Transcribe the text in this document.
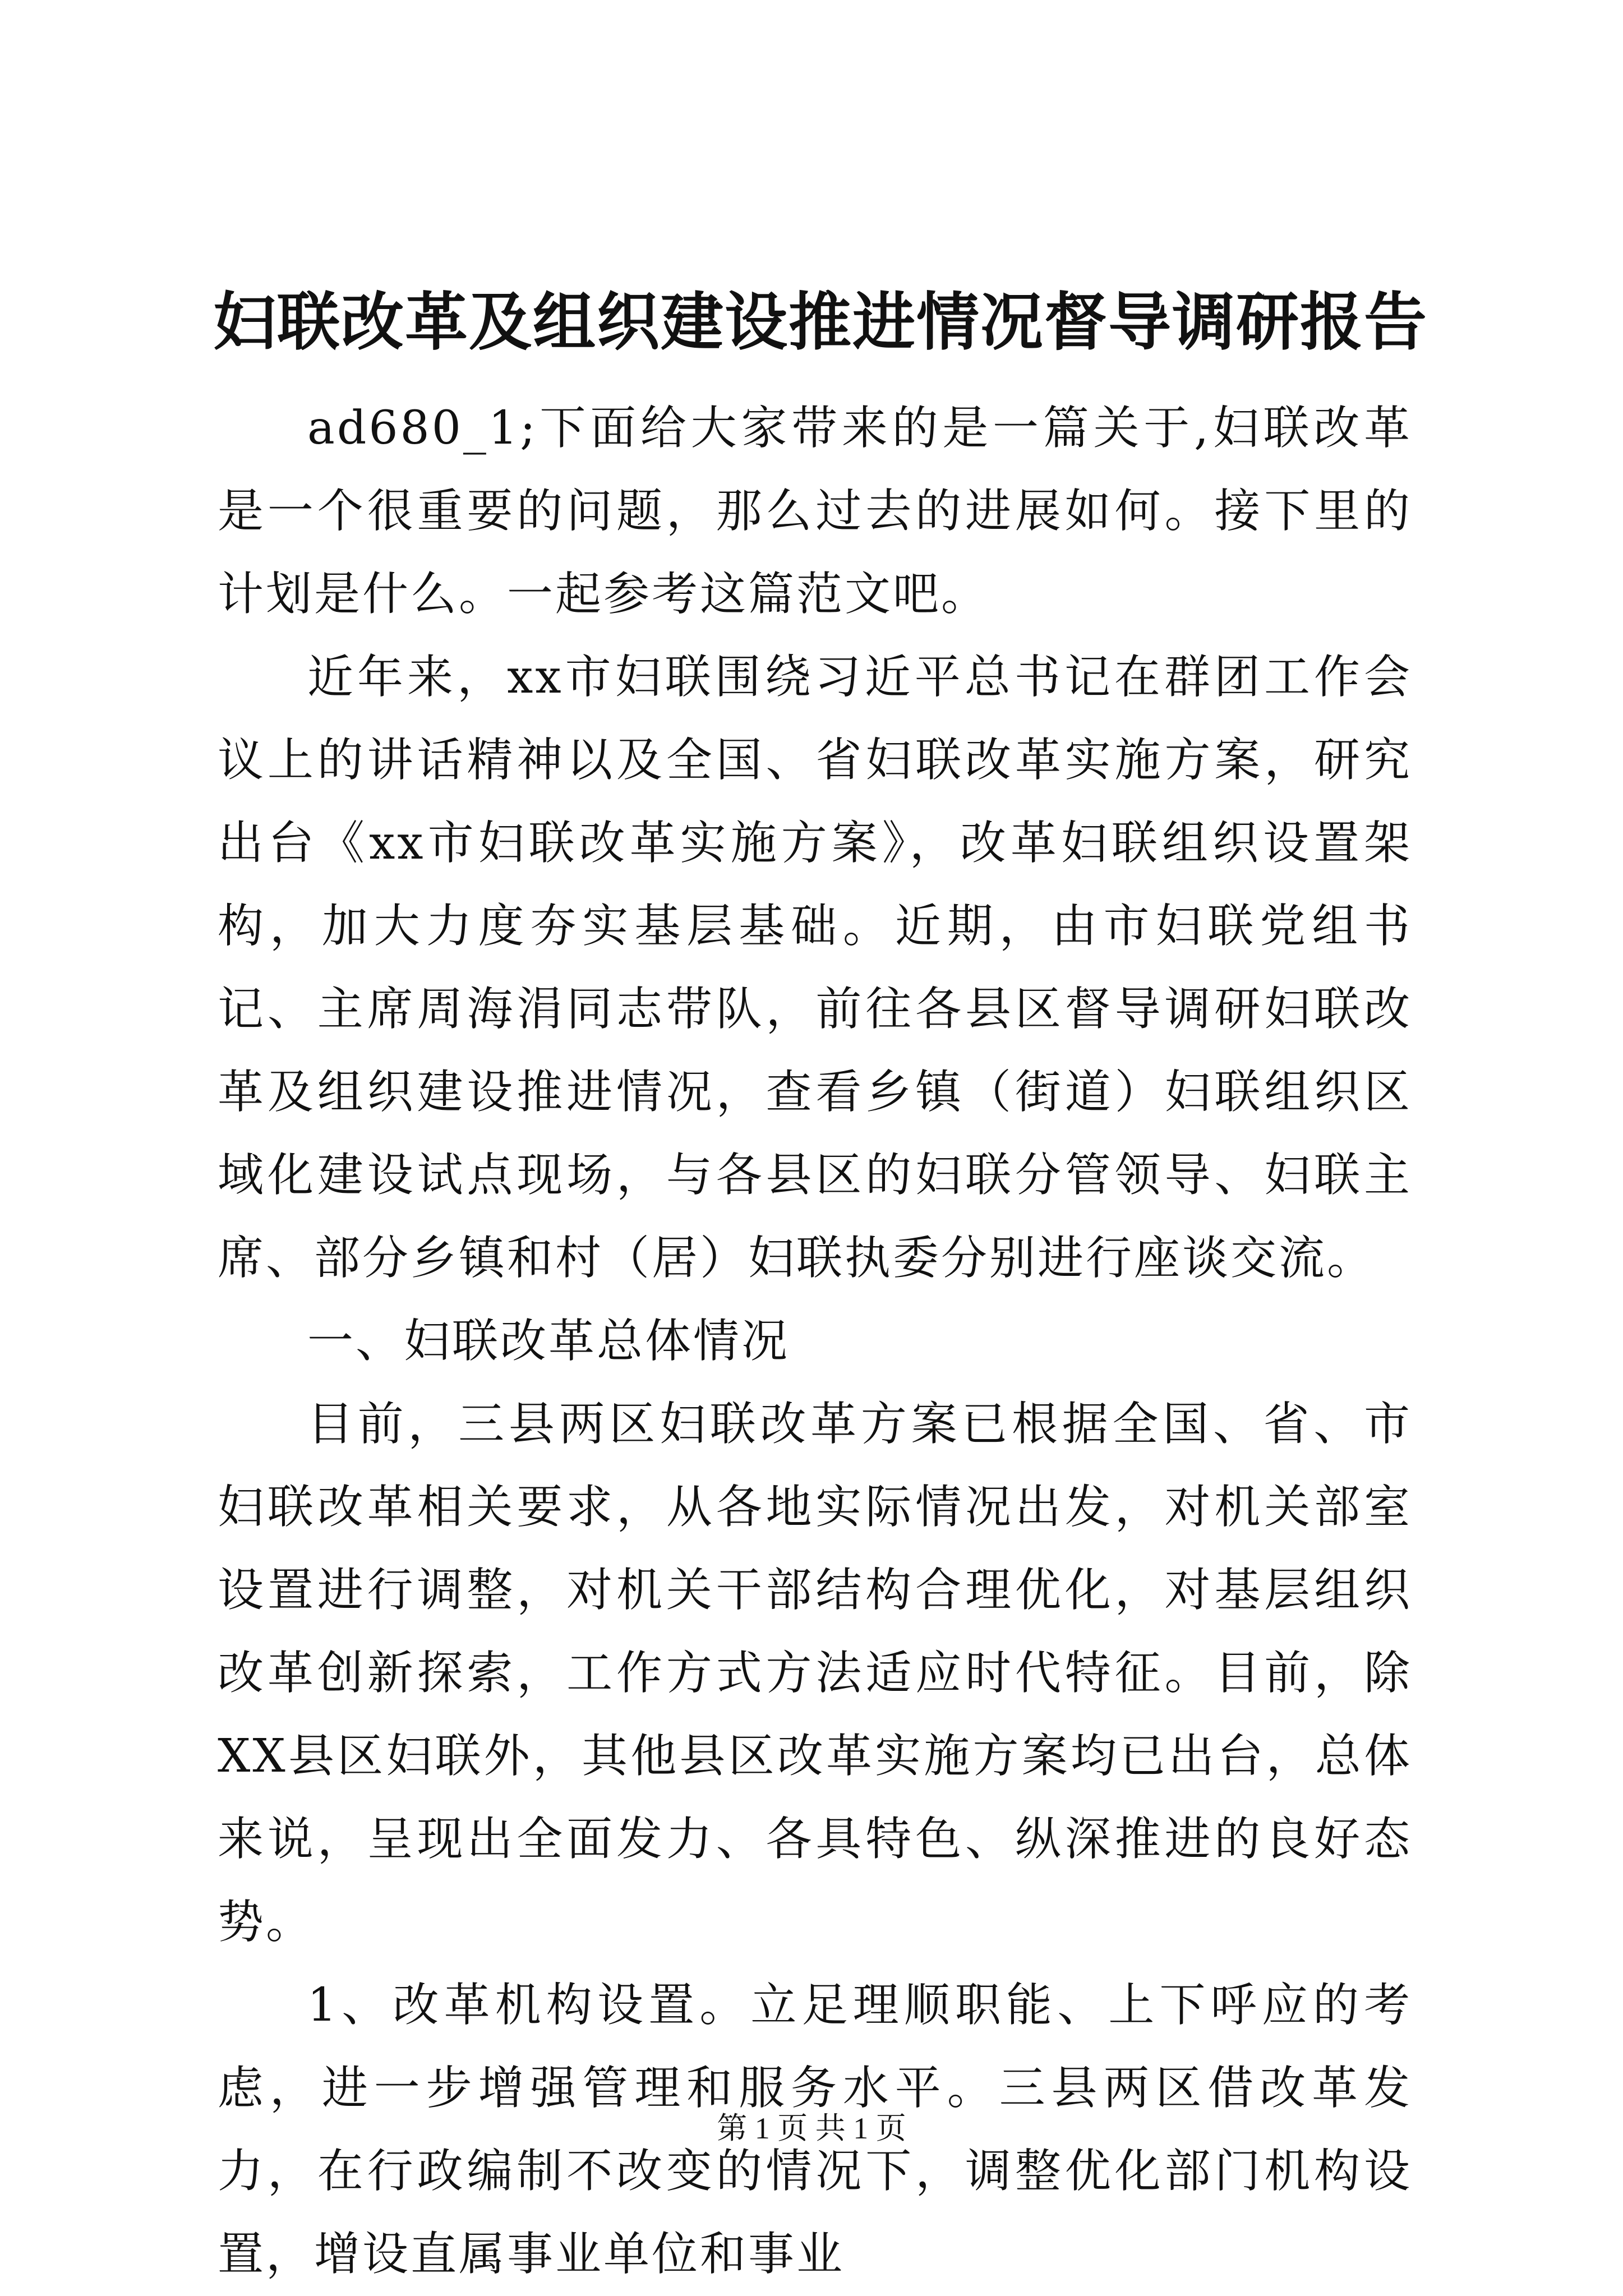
妇联改革及组织建设推进情况督导调研报告

ad680_1;下面给大家带来的是一篇关于,妇联改革是一个很重要的问题，那么过去的进展如何。接下里的计划是什么。一起参考这篇范文吧。

近年来，xx市妇联围绕习近平总书记在群团工作会议上的讲话精神以及全国、省妇联改革实施方案，研究出台《xx市妇联改革实施方案》，改革妇联组织设置架构，加大力度夯实基层基础。近期，由市妇联党组书记、主席周海涓同志带队，前往各县区督导调研妇联改革及组织建设推进情况，查看乡镇（街道）妇联组织区域化建设试点现场，与各县区的妇联分管领导、妇联主席、部分乡镇和村（居）妇联执委分别进行座谈交流。

一、妇联改革总体情况

目前，三县两区妇联改革方案已根据全国、省、市妇联改革相关要求，从各地实际情况出发，对机关部室设置进行调整，对机关干部结构合理优化，对基层组织改革创新探索，工作方式方法适应时代特征。目前，除XX县区妇联外，其他县区改革实施方案均已出台，总体来说，呈现出全面发力、各具特色、纵深推进的良好态势。

1、改革机构设置。立足理顺职能、上下呼应的考虑，进一步增强管理和服务水平。三县两区借改革发力，在行政编制不改变的情况下，调整优化部门机构设置，增设直属事业单位和事业

第 1 页 共 1 页
